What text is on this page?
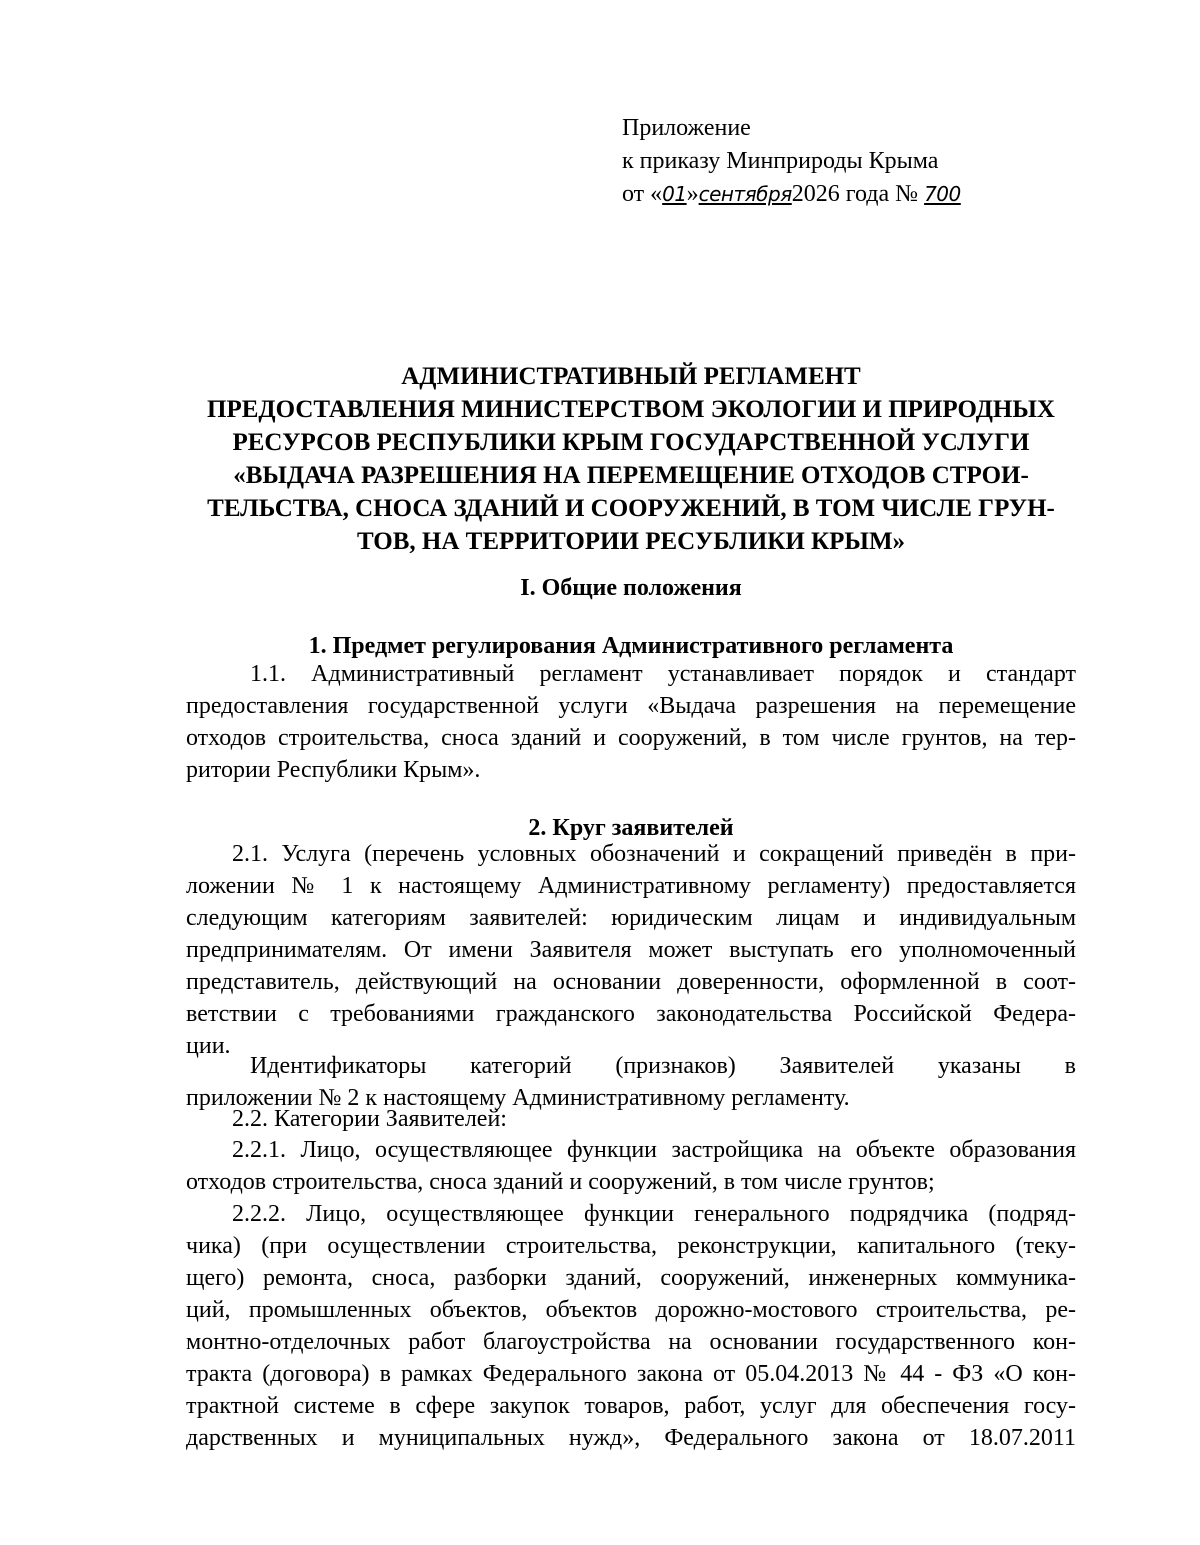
Приложение
к приказу Минприроды Крыма
от «01»сентября2026 года № 700
АДМИНИСТРАТИВНЫЙ РЕГЛАМЕНТ
ПРЕДОСТАВЛЕНИЯ МИНИСТЕРСТВОМ ЭКОЛОГИИ И ПРИРОДНЫХ
РЕСУРСОВ РЕСПУБЛИКИ КРЫМ ГОСУДАРСТВЕННОЙ УСЛУГИ
«ВЫДАЧА РАЗРЕШЕНИЯ НА ПЕРЕМЕЩЕНИЕ ОТХОДОВ СТРОИ-
ТЕЛЬСТВА, СНОСА ЗДАНИЙ И СООРУЖЕНИЙ, В ТОМ ЧИСЛЕ ГРУН-
ТОВ, НА ТЕРРИТОРИИ РЕСУБЛИКИ КРЫМ»
I. Общие положения
1. Предмет регулирования Административного регламента
1.1. Административный регламент устанавливает порядок и стандарт
предоставления государственной услуги «Выдача разрешения на перемещение
отходов строительства, сноса зданий и сооружений, в том числе грунтов, на тер-
ритории Республики Крым».
2. Круг заявителей
2.1. Услуга (перечень условных обозначений и сокращений приведён в при-
ложении № 1 к настоящему Административному регламенту) предоставляется
следующим категориям заявителей: юридическим лицам и индивидуальным
предпринимателям. От имени Заявителя может выступать его уполномоченный
представитель, действующий на основании доверенности, оформленной в соот-
ветствии с требованиями гражданского законодательства Российской Федера-
ции.
Идентификаторы категорий (признаков) Заявителей указаны в
приложении № 2 к настоящему Административному регламенту.
2.2. Категории Заявителей:
2.2.1. Лицо, осуществляющее функции застройщика на объекте образования
отходов строительства, сноса зданий и сооружений, в том числе грунтов;
2.2.2. Лицо, осуществляющее функции генерального подрядчика (подряд-
чика) (при осуществлении строительства, реконструкции, капитального (теку-
щего) ремонта, сноса, разборки зданий, сооружений, инженерных коммуника-
ций, промышленных объектов, объектов дорожно-мостового строительства, ре-
монтно-отделочных работ благоустройства на основании государственного кон-
тракта (договора) в рамках Федерального закона от 05.04.2013 № 44 - ФЗ «О кон-
трактной системе в сфере закупок товаров, работ, услуг для обеспечения госу-
дарственных и муниципальных нужд», Федерального закона от 18.07.2011
